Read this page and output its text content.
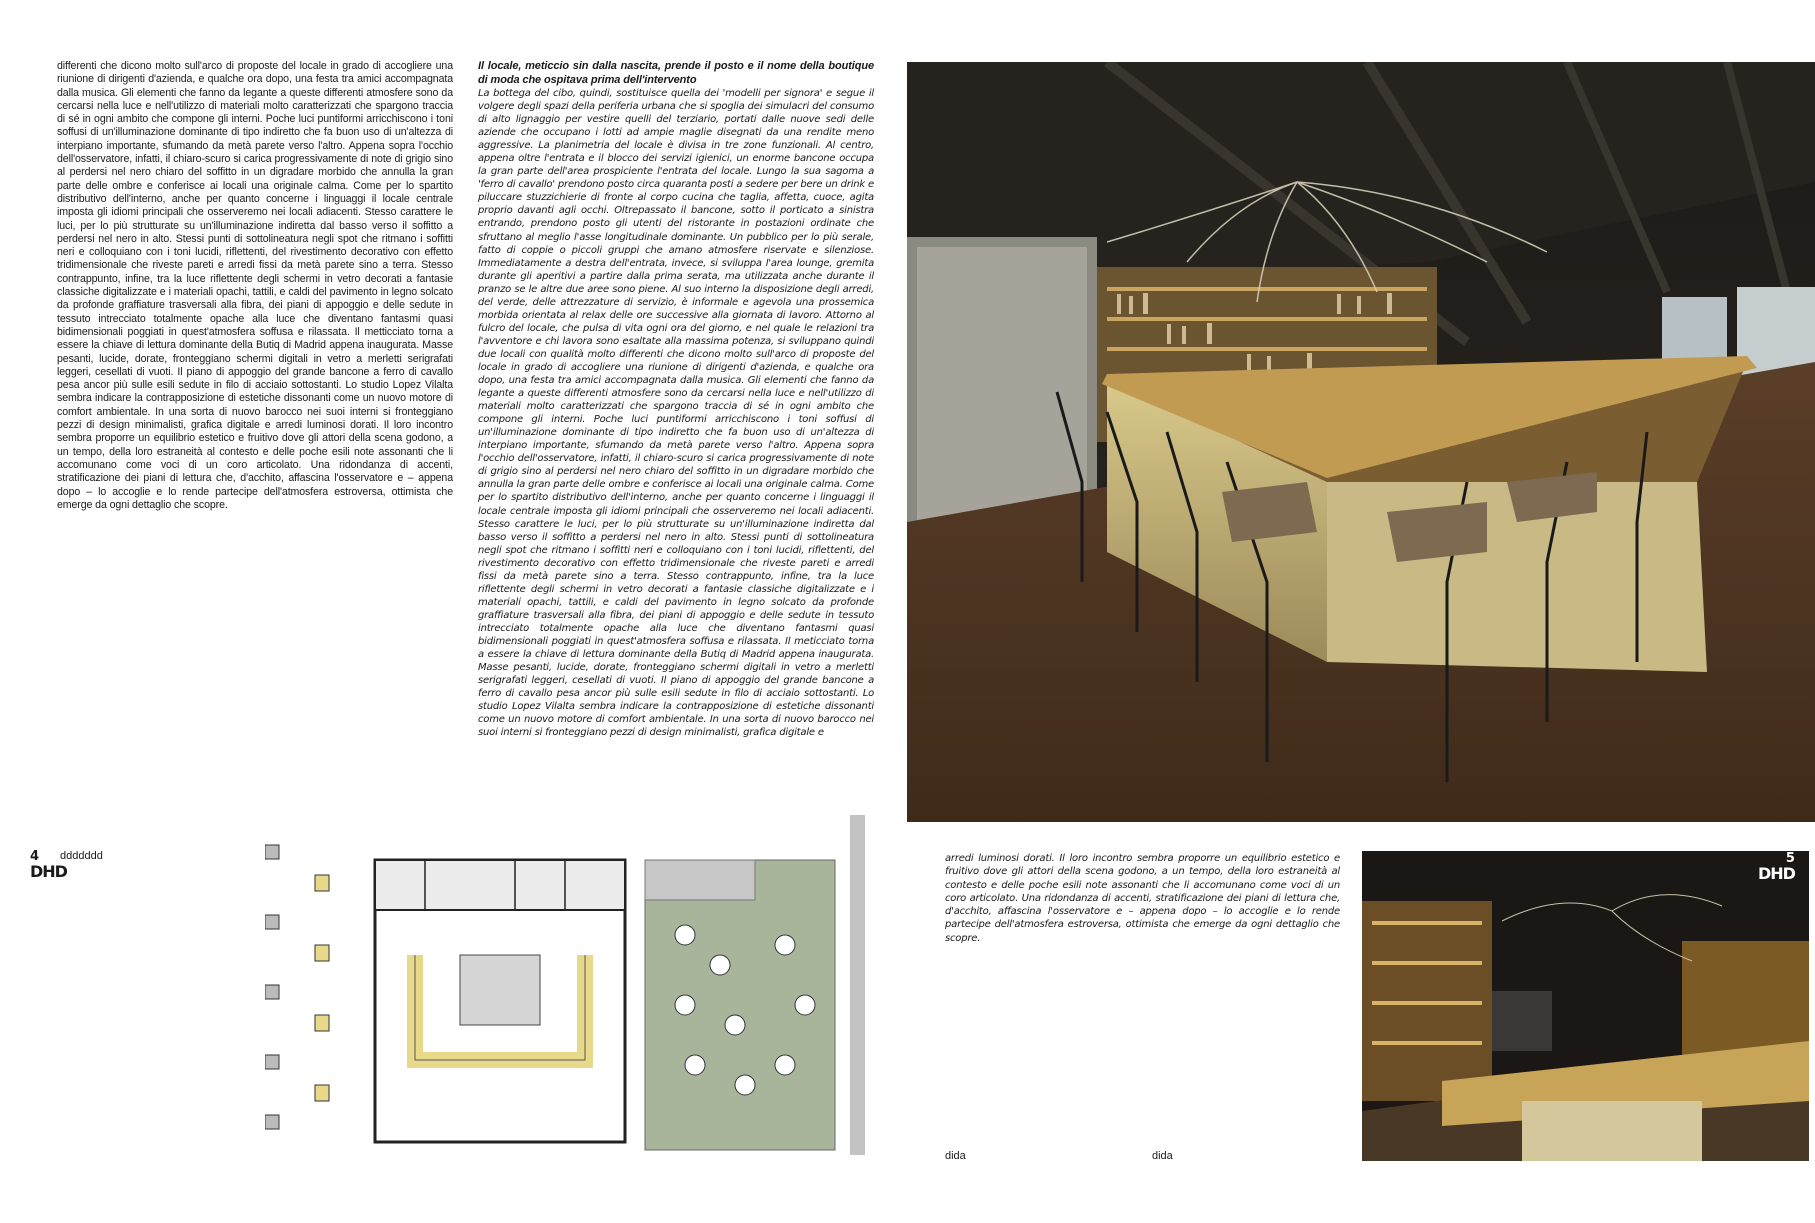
differenti che dicono molto sull'arco di proposte del locale in grado di accogliere una riunione di dirigenti d'azienda, e qualche ora dopo, una festa tra amici accompagnata dalla musica. Gli elementi che fanno da legante a queste differenti atmosfere sono da cercarsi nella luce e nell'utilizzo di materiali molto caratterizzati che spargono traccia di sé in ogni ambito che compone gli interni. Poche luci puntiformi arricchiscono i toni soffusi di un'illuminazione dominante di tipo indiretto che fa buon uso di un'altezza di interpiano importante, sfumando da metà parete verso l'altro. Appena sopra l'occhio dell'osservatore, infatti, il chiaro-scuro si carica progressivamente di note di grigio sino al perdersi nel nero chiaro del soffitto in un digradare morbido che annulla la gran parte delle ombre e conferisce ai locali una originale calma. Come per lo spartito distributivo dell'interno, anche per quanto concerne i linguaggi il locale centrale imposta gli idiomi principali che osserveremo nei locali adiacenti. Stesso carattere le luci, per lo più strutturate su un'illuminazione indiretta dal basso verso il soffitto a perdersi nel nero in alto. Stessi punti di sottolineatura negli spot che ritmano i soffitti neri e colloquiano con i toni lucidi, riflettenti, del rivestimento decorativo con effetto tridimensionale che riveste pareti e arredi fissi da metà parete sino a terra. Stesso contrappunto, infine, tra la luce riflettente degli schermi in vetro decorati a fantasie classiche digitalizzate e i materiali opachi, tattili, e caldi del pavimento in legno solcato da profonde graffiature trasversali alla fibra, dei piani di appoggio e delle sedute in tessuto intrecciato totalmente opache alla luce che diventano fantasmi quasi bidimensionali poggiati in quest'atmosfera soffusa e rilassata. Il metticciato torna a essere la chiave di lettura dominante della Butiq di Madrid appena inaugurata. Masse pesanti, lucide, dorate, fronteggiano schermi digitali in vetro a merletti serigrafati leggeri, cesellati di vuoti. Il piano di appoggio del grande bancone a ferro di cavallo pesa ancor più sulle esili sedute in filo di acciaio sottostanti. Lo studio Lopez Vilalta sembra indicare la contrapposizione di estetiche dissonanti come un nuovo motore di comfort ambientale. In una sorta di nuovo barocco nei suoi interni si fronteggiano pezzi di design minimalisti, grafica digitale e arredi luminosi dorati. Il loro incontro sembra proporre un equilibrio estetico e fruitivo dove gli attori della scena godono, a un tempo, della loro estraneità al contesto e delle poche esili note assonanti che li accomunano come voci di un coro articolato. Una ridondanza di accenti, stratificazione dei piani di lettura che, d'acchito, affascina l'osservatore e – appena dopo – lo accoglie e lo rende partecipe dell'atmosfera estroversa, ottimista che emerge da ogni dettaglio che scopre.
Il locale, meticcio sin dalla nascita, prende il posto e il nome della boutique di moda che ospitava prima dell'intervento
La bottega del cibo, quindi, sostituisce quella dei 'modelli per signora' e segue il volgere degli spazi della periferia urbana che si spoglia dei simulacri del consumo di alto lignaggio per vestire quelli del terziario, portati dalle nuove sedi delle aziende che occupano i lotti ad ampie maglie disegnati da una rendite meno aggressive. La planimetria del locale è divisa in tre zone funzionali. Al centro, appena oltre l'entrata e il blocco dei servizi igienici, un enorme bancone occupa la gran parte dell'area prospiciente l'entrata del locale. Lungo la sua sagoma a 'ferro di cavallo' prendono posto circa quaranta posti a sedere per bere un drink e piluccare stuzzichierie di fronte al corpo cucina che taglia, affetta, cuoce, agita proprio davanti agli occhi. Oltrepassato il bancone, sotto il porticato a sinistra entrando, prendono posto gli utenti del ristorante in postazioni ordinate che sfruttano al meglio l'asse longitudinale dominante. Un pubblico per lo più serale, fatto di coppie o piccoli gruppi che amano atmosfere riservate e silenziose. Immediatamente a destra dell'entrata, invece, si sviluppa l'area lounge, gremita durante gli aperitivi a partire dalla prima serata, ma utilizzata anche durante il pranzo se le altre due aree sono piene. Al suo interno la disposizione degli arredi, del verde, delle attrezzature di servizio, è informale e agevola una prossemica morbida orientata al relax delle ore successive alla giornata di lavoro. Attorno al fulcro del locale, che pulsa di vita ogni ora del giorno, e nel quale le relazioni tra l'avventore e chi lavora sono esaltate alla massima potenza, si sviluppano quindi due locali con qualità molto differenti che dicono molto sull'arco di proposte del locale in grado di accogliere una riunione di dirigenti d'azienda, e qualche ora dopo, una festa tra amici accompagnata dalla musica. Gli elementi che fanno da legante a queste differenti atmosfere sono da cercarsi nella luce e nell'utilizzo di materiali molto caratterizzati che spargono traccia di sé in ogni ambito che compone gli interni. Poche luci puntiformi arricchiscono i toni soffusi di un'illuminazione dominante di tipo indiretto che fa buon uso di un'altezza di interpiano importante, sfumando da metà parete verso l'altro. Appena sopra l'occhio dell'osservatore, infatti, il chiaro-scuro si carica progressivamente di note di grigio sino al perdersi nel nero chiaro del soffitto in un digradare morbido che annulla la gran parte delle ombre e conferisce ai locali una originale calma. Come per lo spartito distributivo dell'interno, anche per quanto concerne i linguaggi il locale centrale imposta gli idiomi principali che osserveremo nei locali adiacenti. Stesso carattere le luci, per lo più strutturate su un'illuminazione indiretta dal basso verso il soffitto a perdersi nel nero in alto. Stessi punti di sottolineatura negli spot che ritmano i soffitti neri e colloquiano con i toni lucidi, riflettenti, del rivestimento decorativo con effetto tridimensionale che riveste pareti e arredi fissi da metà parete sino a terra. Stesso contrappunto, infine, tra la luce riflettente degli schermi in vetro decorati a fantasie classiche digitalizzate e i materiali opachi, tattili, e caldi del pavimento in legno solcato da profonde graffiature trasversali alla fibra, dei piani di appoggio e delle sedute in tessuto intrecciato totalmente opache alla luce che diventano fantasmi quasi bidimensionali poggiati in quest'atmosfera soffusa e rilassata. Il meticciato torna a essere la chiave di lettura dominante della Butiq di Madrid appena inaugurata. Masse pesanti, lucide, dorate, fronteggiano schermi digitali in vetro a merletti serigrafati leggeri, cesellati di vuoti. Il piano di appoggio del grande bancone a ferro di cavallo pesa ancor più sulle esili sedute in filo di acciaio sottostanti. Lo studio Lopez Vilalta sembra indicare la contrapposizione di estetiche dissonanti come un nuovo motore di comfort ambientale. In una sorta di nuovo barocco nei suoi interni si fronteggiano pezzi di design minimalisti, grafica digitale e
4
DHD
ddddddd	arredi luminosi dorati. Il loro incontro sembra proporre un equilibrio estetico e fruitivo dove gli attori della scena godono, a un tempo, della loro estraneità al contesto e delle poche esili note assonanti che li accomunano come voci di un coro articolato. Una ridondanza di accenti, stratificazione dei piani di lettura che, d'acchito, affascina l'osservatore e – appena dopo – lo accoglie e lo rende partecipe dell'atmosfera estroversa, ottimista che emerge da ogni dettaglio che scopre.
5
DHD
dida	dida
